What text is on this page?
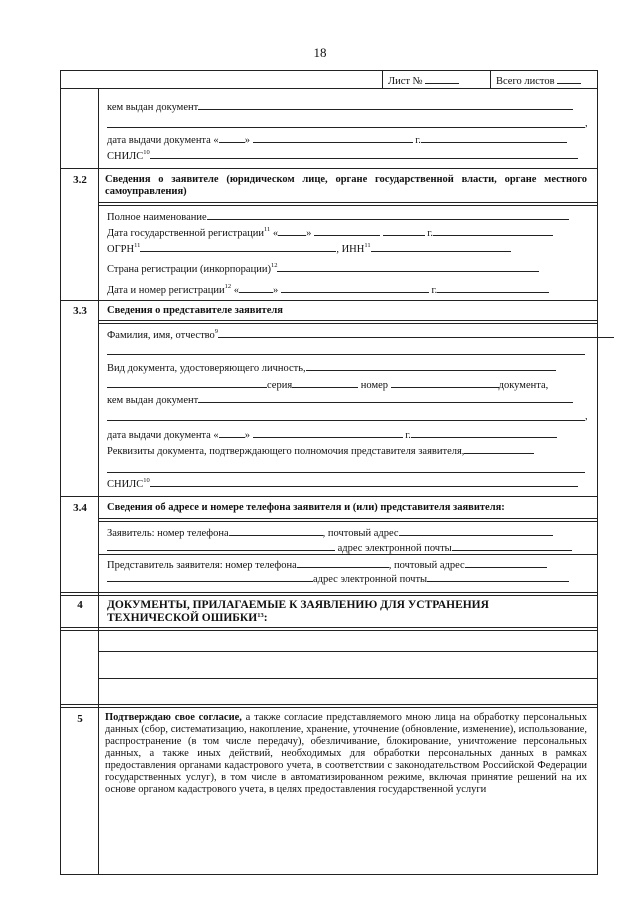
18
Лист №	Всего листов
кем выдан документ
,
дата выдачи документа « »	г.
СНИЛС$^{10}$
3.2	Сведения о заявителе (юридическом лице, органе государственной власти, органе местного самоуправления)
Полное наименование
Дата государственной регистрации$^{11}$ «	»	г.
ОГРН$^{11}$	, ИНН$^{11}$
Страна регистрации (инкорпорации)$^{12}$
Дата и номер регистрации$^{12}$ «	»	г.
3.3	Сведения о представителе заявителя
Фамилия, имя, отчество$^9$
Вид документа, удостоверяющего личность,
серия	номер	документа,
кем выдан документ
,
дата выдачи документа « »	г.
Реквизиты документа, подтверждающего полномочия представителя заявителя,
СНИЛС$^{10}$
3.4	Сведения об адресе и номере телефона заявителя и (или) представителя заявителя:
Заявитель: номер телефона	, почтовый адрес
адрес электронной почты
Представитель заявителя: номер телефона	, почтовый адрес
адрес электронной почты
4	ДОКУМЕНТЫ, ПРИЛАГАЕМЫЕ К ЗАЯВЛЕНИЮ ДЛЯ УСТРАНЕНИЯ
ТЕХНИЧЕСКОЙ ОШИБКИ$^{13}$:
5	Подтверждаю свое согласие, а также согласие представляемого мною лица на обработку персональных данных (сбор, систематизацию, накопление, хранение, уточнение (обновление, изменение), использование, распространение (в том числе передачу), обезличивание, блокирование, уничтожение персональных данных, а также иных действий, необходимых для обработки персональных данных в рамках предоставления органами кадастрового учета, в соответствии с законодательством Российской Федерации государственных услуг), в том числе в автоматизированном режиме, включая принятие решений на их основе органом кадастрового учета, в целях предоставления государственной услуги
